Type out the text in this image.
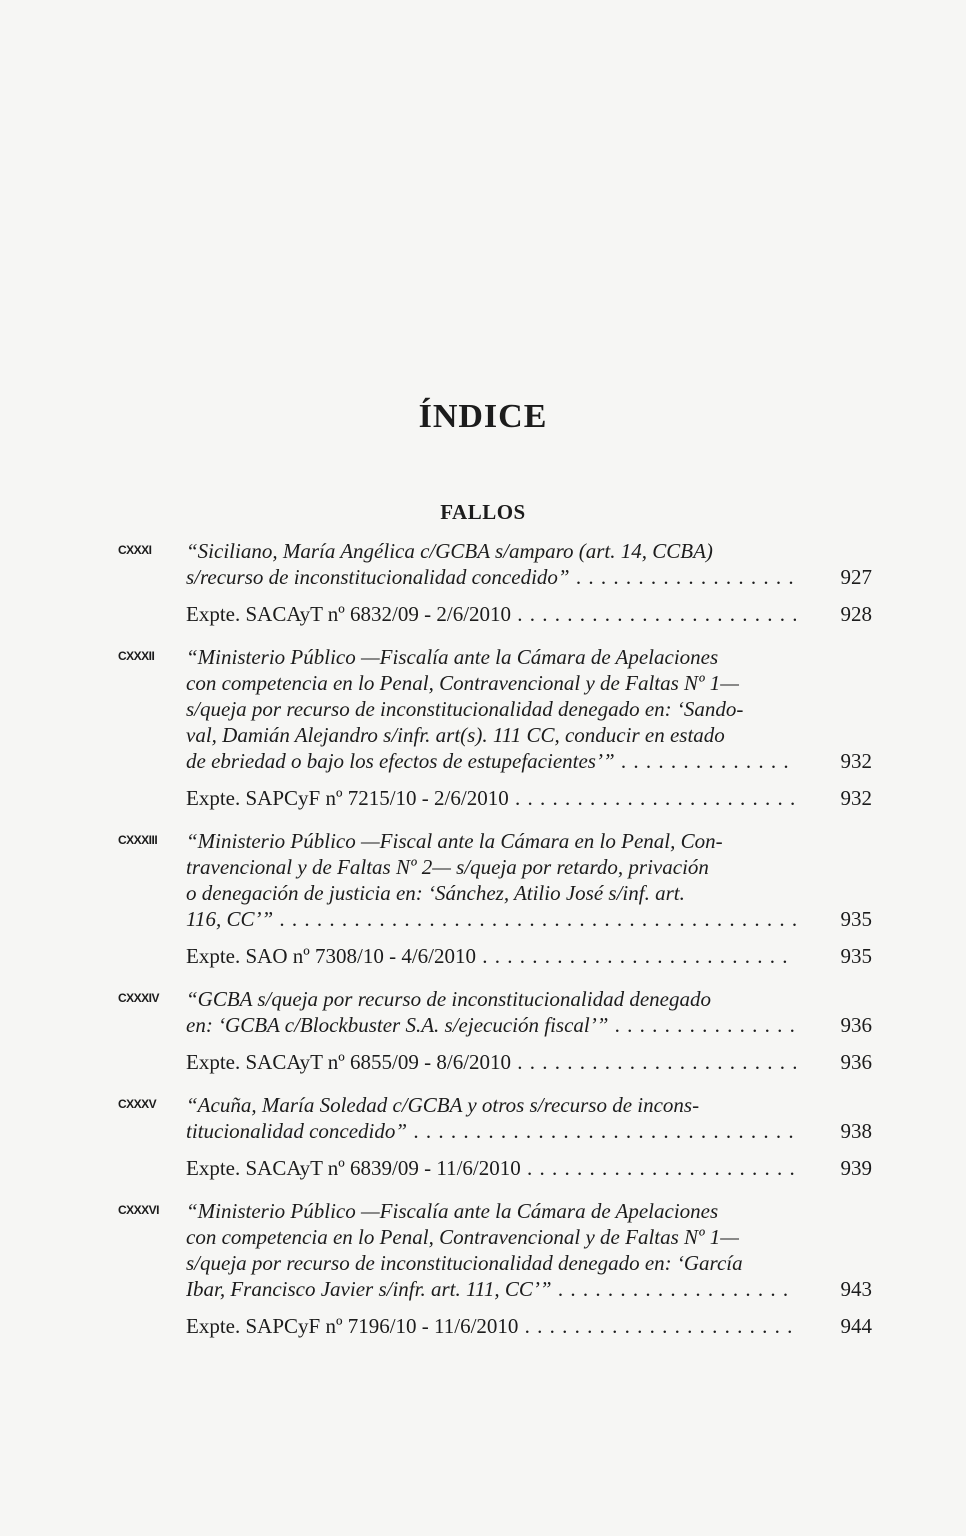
ÍNDICE
FALLOS
CXXXI “Siciliano, María Angélica c/GCBA s/amparo (art. 14, CCBA)
s/recurso de inconstitucionalidad concedido” . . .	927
Expte. SACAyT nº 6832/09 - 2/6/2010 . . .	928
CXXXII “Ministerio Público —Fiscalía ante la Cámara de Apelaciones
con competencia en lo Penal, Contravencional y de Faltas Nº 1—
s/queja por recurso de inconstitucionalidad denegado en: ‘Sando-
val, Damián Alejandro s/infr. art(s). 111 CC, conducir en estado
de ebriedad o bajo los efectos de estupefacientes’” . . .	932
Expte. SAPCyF nº 7215/10 - 2/6/2010 . . .	932
CXXXIII “Ministerio Público —Fiscal ante la Cámara en lo Penal, Con-
travencional y de Faltas Nº 2— s/queja por retardo, privación
o denegación de justicia en: ‘Sánchez, Atilio José s/inf. art.
116, CC’” . . .	935
Expte. SAO nº 7308/10 - 4/6/2010 . . .	935
CXXXIV “GCBA s/queja por recurso de inconstitucionalidad denegado
en: ‘GCBA c/Blockbuster S.A. s/ejecución fiscal’” . . .	936
Expte. SACAyT nº 6855/09 - 8/6/2010 . . .	936
CXXXV “Acuña, María Soledad c/GCBA y otros s/recurso de incons-
titucionalidad concedido” . . .	938
Expte. SACAyT nº 6839/09 - 11/6/2010 . . .	939
CXXXVI “Ministerio Público —Fiscalía ante la Cámara de Apelaciones
con competencia en lo Penal, Contravencional y de Faltas Nº 1—
s/queja por recurso de inconstitucionalidad denegado en: ‘García
Ibar, Francisco Javier s/infr. art. 111, CC’” . . .	943
Expte. SAPCyF nº 7196/10 - 11/6/2010 . . .	944
